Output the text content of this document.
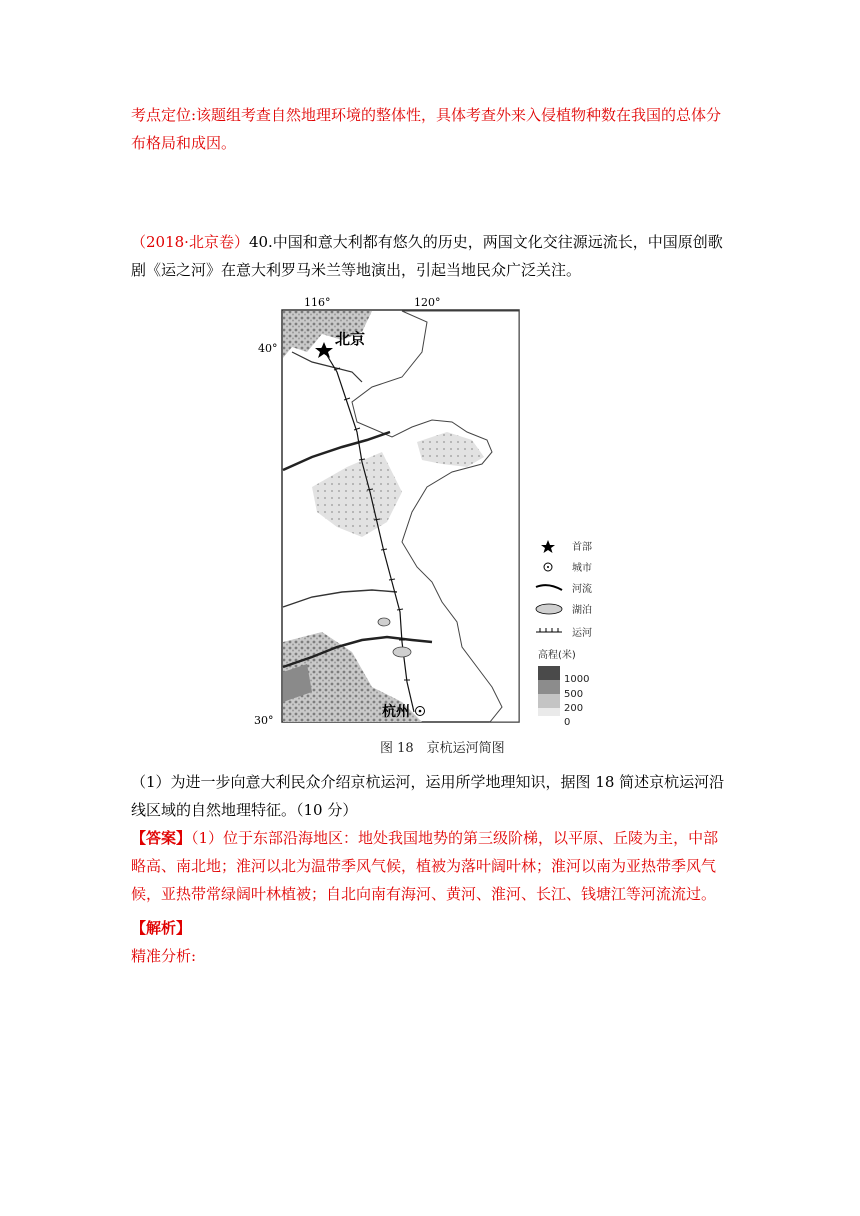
考点定位:该题组考查自然地理环境的整体性，具体考查外来入侵植物种数在我国的总体分布格局和成因。

（2018·北京卷）40.中国和意大利都有悠久的历史，两国文化交往源远流长，中国原创歌剧《运之河》在意大利罗马米兰等地演出，引起当地民众广泛关注。

116°	120°
40°
30°
北京
杭州
首部
城市
河流
湖泊
运河
高程(米)
1000
500
200
0
图 18　京杭运河简图

（1）为进一步向意大利民众介绍京杭运河，运用所学地理知识，据图 18 简述京杭运河沿线区域的自然地理特征。（10 分）

【答案】（1）位于东部沿海地区：地处我国地势的第三级阶梯，以平原、丘陵为主，中部略高、南北地；淮河以北为温带季风气候，植被为落叶阔叶林；淮河以南为亚热带季风气候，亚热带常绿阔叶林植被；自北向南有海河、黄河、淮河、长江、钱塘江等河流流过。

【解析】

精准分析:
